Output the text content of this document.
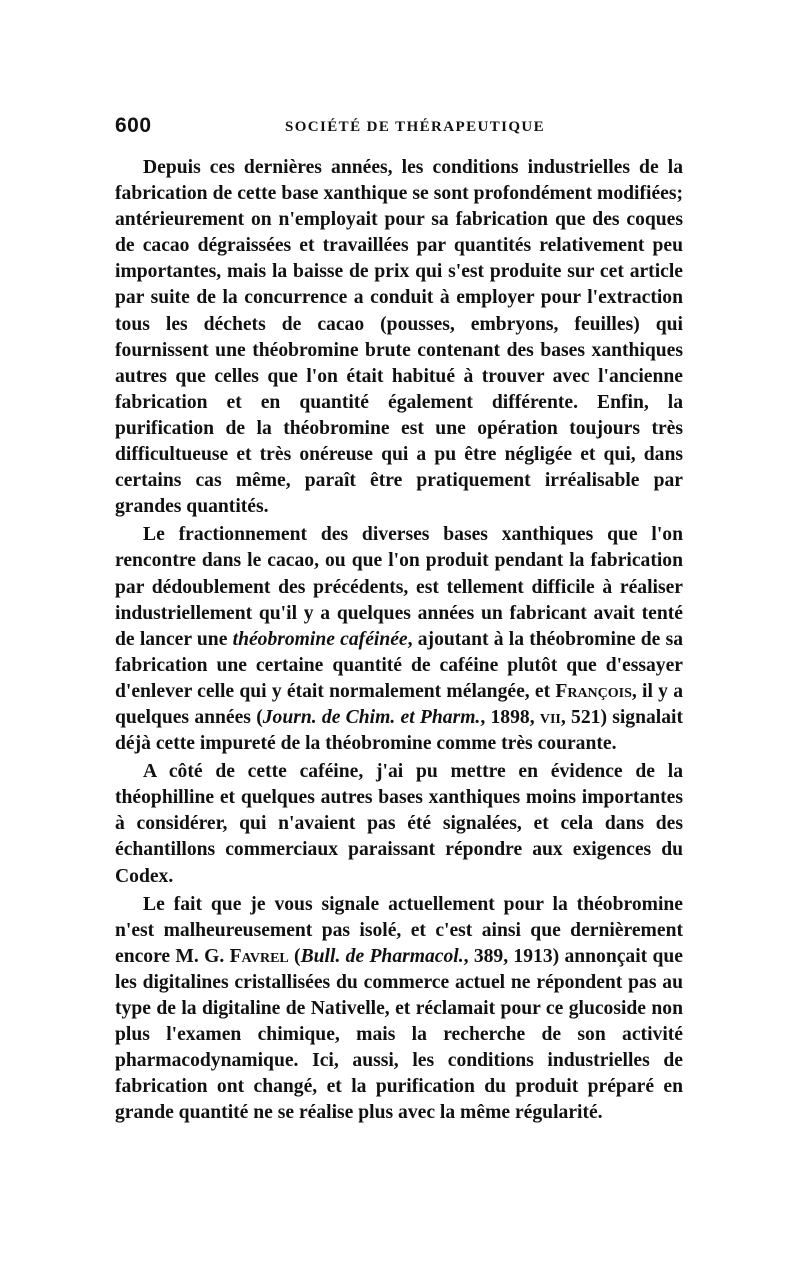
600	SOCIÉTÉ DE THÉRAPEUTIQUE

Depuis ces dernières années, les conditions industrielles de la fabrication de cette base xanthique se sont profondément modifiées; antérieurement on n'employait pour sa fabrication que des coques de cacao dégraissées et travaillées par quantités relativement peu importantes, mais la baisse de prix qui s'est produite sur cet article par suite de la concurrence a conduit à employer pour l'extraction tous les déchets de cacao (pousses, embryons, feuilles) qui fournissent une théobromine brute contenant des bases xanthiques autres que celles que l'on était habitué à trouver avec l'ancienne fabrication et en quantité également différente. Enfin, la purification de la théobromine est une opération toujours très difficultueuse et très onéreuse qui a pu être négligée et qui, dans certains cas même, paraît être pratiquement irréalisable par grandes quantités.

Le fractionnement des diverses bases xanthiques que l'on rencontre dans le cacao, ou que l'on produit pendant la fabrication par dédoublement des précédents, est tellement difficile à réaliser industriellement qu'il y a quelques années un fabricant avait tenté de lancer une théobromine caféinée, ajoutant à la théobromine de sa fabrication une certaine quantité de caféine plutôt que d'essayer d'enlever celle qui y était normalement mélangée, et François, il y a quelques années (Journ. de Chim. et Pharm., 1898, vii, 521) signalait déjà cette impureté de la théobromine comme très courante.

A côté de cette caféine, j'ai pu mettre en évidence de la théophilline et quelques autres bases xanthiques moins importantes à considérer, qui n'avaient pas été signalées, et cela dans des échantillons commerciaux paraissant répondre aux exigences du Codex.

Le fait que je vous signale actuellement pour la théobromine n'est malheureusement pas isolé, et c'est ainsi que dernièrement encore M. G. Favrel (Bull. de Pharmacol., 389, 1913) annonçait que les digitalines cristallisées du commerce actuel ne répondent pas au type de la digitaline de Nativelle, et réclamait pour ce glucoside non plus l'examen chimique, mais la recherche de son activité pharmacodynamique. Ici, aussi, les conditions industrielles de fabrication ont changé, et la purification du produit préparé en grande quantité ne se réalise plus avec la même régularité.
